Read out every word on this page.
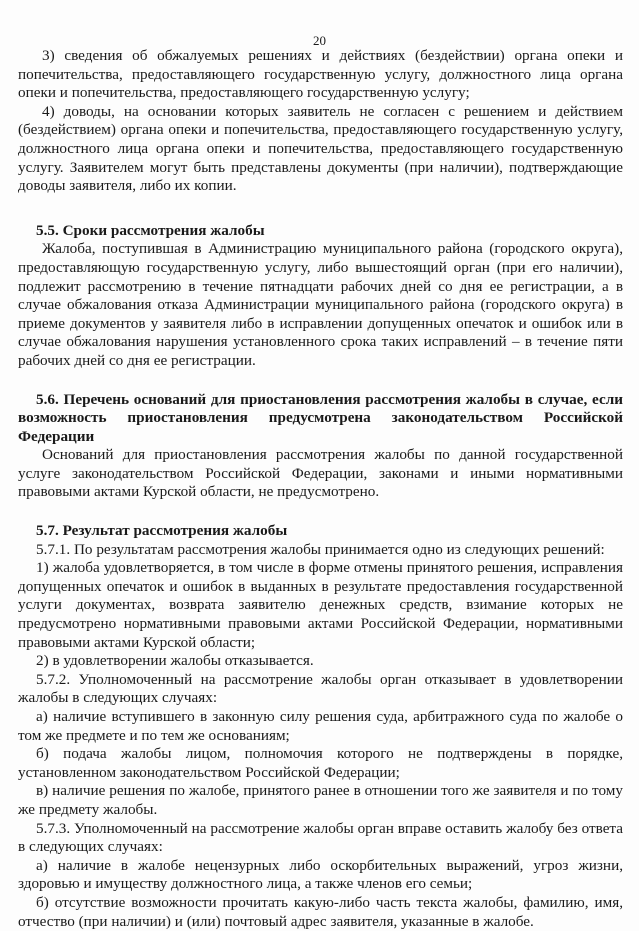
20

3) сведения об обжалуемых решениях и действиях (бездействии) органа опеки и попечительства, предоставляющего государственную услугу, должностного лица органа опеки и попечительства, предоставляющего государственную услугу;

4) доводы, на основании которых заявитель не согласен с решением и действием (бездействием) органа опеки и попечительства, предоставляющего государственную услугу, должностного лица органа опеки и попечительства, предоставляющего государственную услугу. Заявителем могут быть представлены документы (при наличии), подтверждающие доводы заявителя, либо их копии.

5.5. Сроки рассмотрения жалобы

Жалоба, поступившая в Администрацию муниципального района (городского округа), предоставляющую государственную услугу, либо вышестоящий орган (при его наличии), подлежит рассмотрению в течение пятнадцати рабочих дней со дня ее регистрации, а в случае обжалования отказа Администрации муниципального района (городского округа) в приеме документов у заявителя либо в исправлении допущенных опечаток и ошибок или в случае обжалования нарушения установленного срока таких исправлений – в течение пяти рабочих дней со дня ее регистрации.

5.6. Перечень оснований для приостановления рассмотрения жалобы в случае, если возможность приостановления предусмотрена законодательством Российской Федерации

Оснований для приостановления рассмотрения жалобы по данной государственной услуге законодательством Российской Федерации, законами и иными нормативными правовыми актами Курской области, не предусмотрено.

5.7. Результат рассмотрения жалобы

5.7.1. По результатам рассмотрения жалобы принимается одно из следующих решений:

1) жалоба удовлетворяется, в том числе в форме отмены принятого решения, исправления допущенных опечаток и ошибок в выданных в результате предоставления государственной услуги документах, возврата заявителю денежных средств, взимание которых не предусмотрено нормативными правовыми актами Российской Федерации, нормативными правовыми актами Курской области;

2) в удовлетворении жалобы отказывается.

5.7.2. Уполномоченный на рассмотрение жалобы орган отказывает в удовлетворении жалобы в следующих случаях:

а) наличие вступившего в законную силу решения суда, арбитражного суда по жалобе о том же предмете и по тем же основаниям;

б) подача жалобы лицом, полномочия которого не подтверждены в порядке, установленном законодательством Российской Федерации;

в) наличие решения по жалобе, принятого ранее в отношении того же заявителя и по тому же предмету жалобы.

5.7.3. Уполномоченный на рассмотрение жалобы орган вправе оставить жалобу без ответа в следующих случаях:

а) наличие в жалобе нецензурных либо оскорбительных выражений, угроз жизни, здоровью и имуществу должностного лица, а также членов его семьи;

б) отсутствие возможности прочитать какую-либо часть текста жалобы, фамилию, имя, отчество (при наличии) и (или) почтовый адрес заявителя, указанные в жалобе.
